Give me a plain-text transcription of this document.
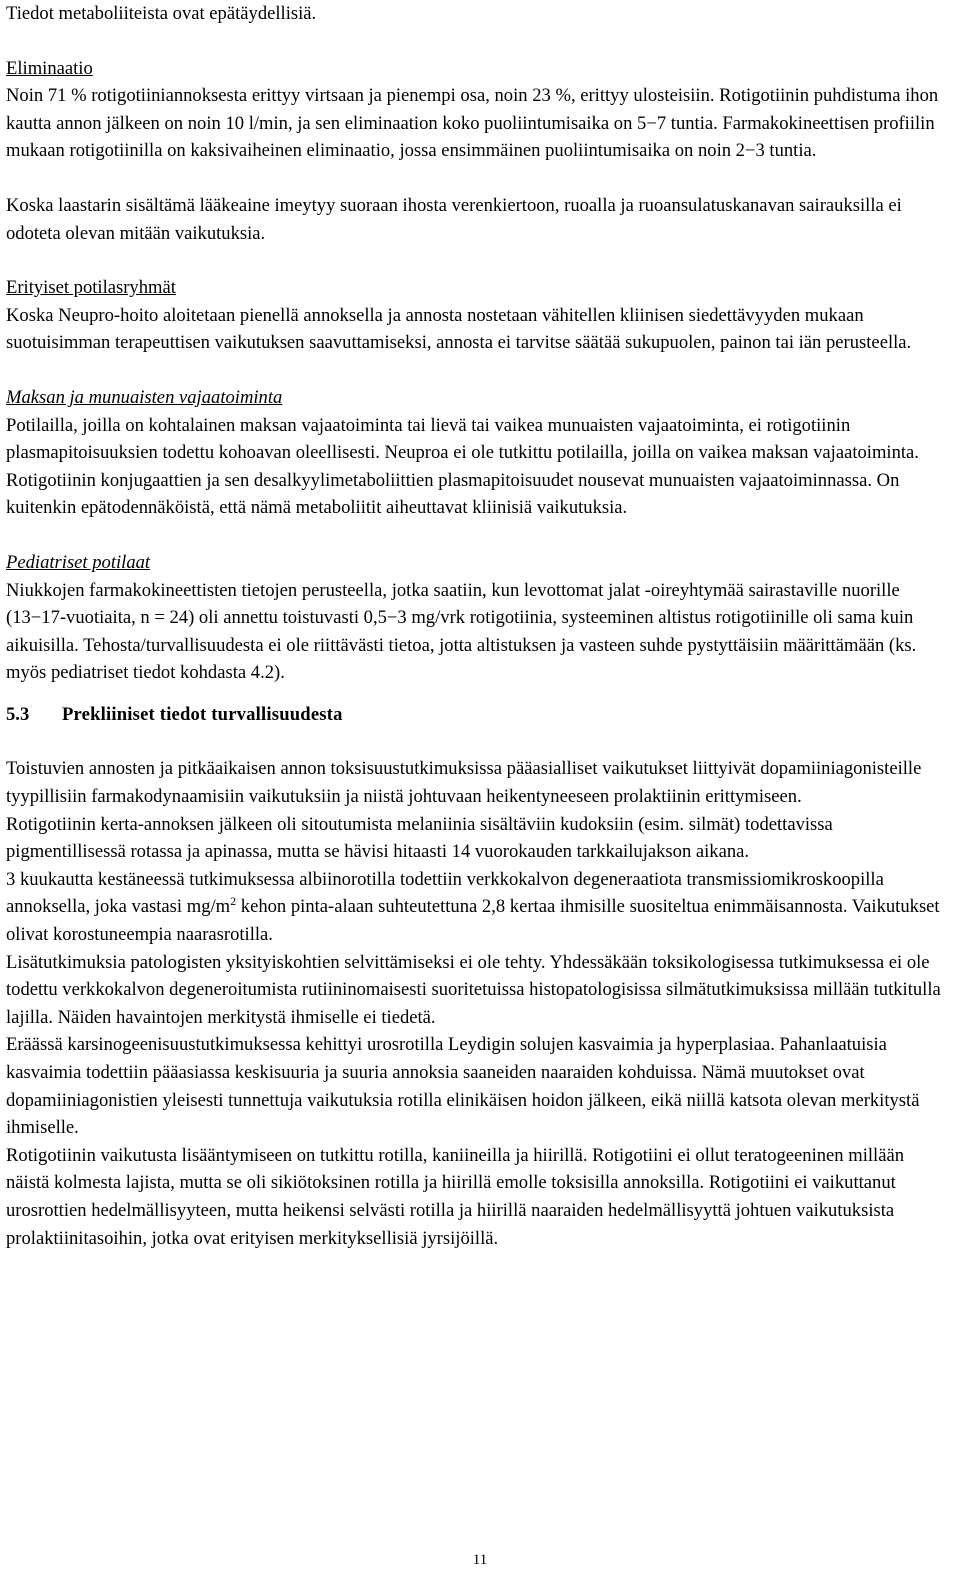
Tiedot metaboliiteista ovat epätäydellisiä.

Eliminaatio

Noin 71 % rotigotiiniannoksesta erittyy virtsaan ja pienempi osa, noin 23 %, erittyy ulosteisiin. Rotigotiinin puhdistuma ihon kautta annon jälkeen on noin 10 l/min, ja sen eliminaation koko puoliintumisaika on 5−7 tuntia. Farmakokineettisen profiilin mukaan rotigotiinilla on kaksivaiheinen eliminaatio, jossa ensimmäinen puoliintumisaika on noin 2−3 tuntia.

Koska laastarin sisältämä lääkeaine imeytyy suoraan ihosta verenkiertoon, ruoalla ja ruoansulatuskanavan sairauksilla ei odoteta olevan mitään vaikutuksia.

Erityiset potilasryhmät

Koska Neupro-hoito aloitetaan pienellä annoksella ja annosta nostetaan vähitellen kliinisen siedettävyyden mukaan suotuisimman terapeuttisen vaikutuksen saavuttamiseksi, annosta ei tarvitse säätää sukupuolen, painon tai iän perusteella.

Maksan ja munuaisten vajaatoiminta

Potilailla, joilla on kohtalainen maksan vajaatoiminta tai lievä tai vaikea munuaisten vajaatoiminta, ei rotigotiinin plasmapitoisuuksien todettu kohoavan oleellisesti. Neuproa ei ole tutkittu potilailla, joilla on vaikea maksan vajaatoiminta.

Rotigotiinin konjugaattien ja sen desalkyylimetaboliittien plasmapitoisuudet nousevat munuaisten vajaatoiminnassa. On kuitenkin epätodennäköistä, että nämä metaboliitit aiheuttavat kliinisiä vaikutuksia.

Pediatriset potilaat

Niukkojen farmakokineettisten tietojen perusteella, jotka saatiin, kun levottomat jalat -oireyhtymää sairastaville nuorille (13−17-vuotiaita, n = 24) oli annettu toistuvasti 0,5−3 mg/vrk rotigotiinia, systeeminen altistus rotigotiinille oli sama kuin aikuisilla. Tehosta/turvallisuudesta ei ole riittävästi tietoa, jotta altistuksen ja vasteen suhde pystyttäisiin määrittämään (ks. myös pediatriset tiedot kohdasta 4.2).

5.3	Prekliiniset tiedot turvallisuudesta

Toistuvien annosten ja pitkäaikaisen annon toksisuustutkimuksissa pääasialliset vaikutukset liittyivät dopamiiniagonisteille tyypillisiin farmakodynaamisiin vaikutuksiin ja niistä johtuvaan heikentyneeseen prolaktiinin erittymiseen.

Rotigotiinin kerta-annoksen jälkeen oli sitoutumista melaniinia sisältäviin kudoksiin (esim. silmät) todettavissa pigmentillisessä rotassa ja apinassa, mutta se hävisi hitaasti 14 vuorokauden tarkkailujakson aikana.

3 kuukautta kestäneessä tutkimuksessa albiinorotilla todettiin verkkokalvon degeneraatiota transmissiomikroskoopilla annoksella, joka vastasi $mg/m^2$ kehon pinta-alaan suhteutettuna 2,8 kertaa ihmisille suositeltua enimmäisannosta. Vaikutukset olivat korostuneempia naarasrotilla.

Lisätutkimuksia patologisten yksityiskohtien selvittämiseksi ei ole tehty. Yhdessäkään toksikologisessa tutkimuksessa ei ole todettu verkkokalvon degeneroitumista rutiininomaisesti suoritetuissa histopatologisissa silmätutkimuksissa millään tutkitulla lajilla. Näiden havaintojen merkitystä ihmiselle ei tiedetä.

Eräässä karsinogeenisuustutkimuksessa kehittyi urosrotilla Leydigin solujen kasvaimia ja hyperplasiaa. Pahanlaatuisia kasvaimia todettiin pääasiassa keskisuuria ja suuria annoksia saaneiden naaraiden kohduissa. Nämä muutokset ovat dopamiiniagonistien yleisesti tunnettuja vaikutuksia rotilla elinikäisen hoidon jälkeen, eikä niillä katsota olevan merkitystä ihmiselle.

Rotigotiinin vaikutusta lisääntymiseen on tutkittu rotilla, kaniineilla ja hiirillä. Rotigotiini ei ollut teratogeeninen millään näistä kolmesta lajista, mutta se oli sikiötoksinen rotilla ja hiirillä emolle toksisilla annoksilla. Rotigotiini ei vaikuttanut urosrottien hedelmällisyyteen, mutta heikensi selvästi rotilla ja hiirillä naaraiden hedelmällisyyttä johtuen vaikutuksista prolaktiinitasoihin, jotka ovat erityisen merkityksellisiä jyrsijöillä.

11
